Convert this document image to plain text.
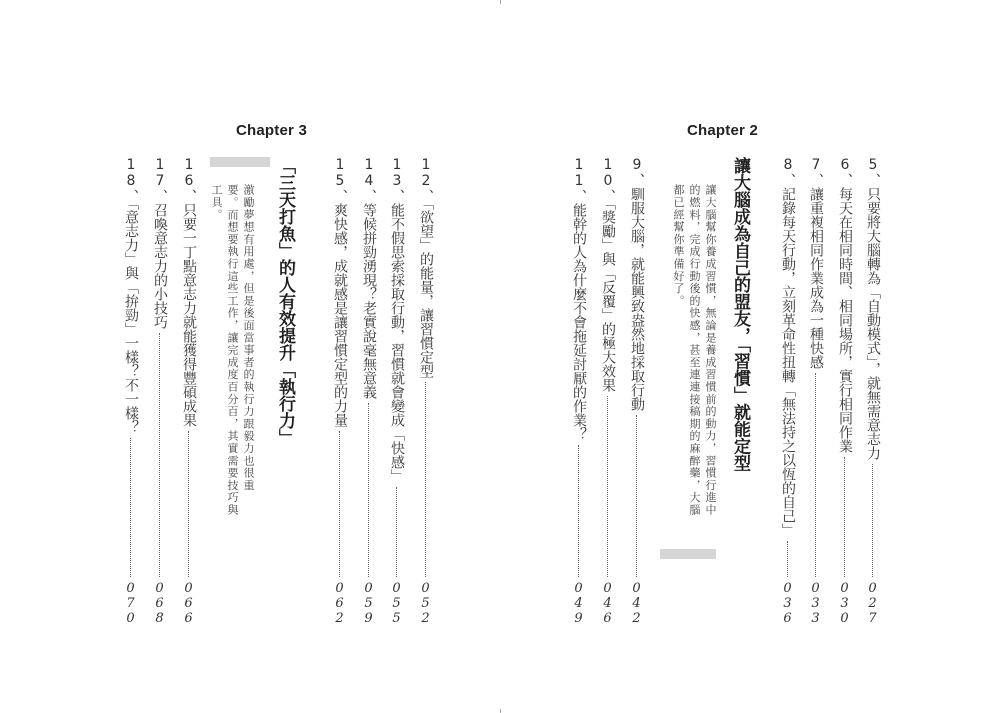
Chapter 3
「三天打魚」的人有效提升「執行力」
激勵夢想有用處，但是後面當事者的執行力跟毅力也很重
要。而想要執行這些工作，讓完成度百分百，其實需要技巧與
工具。
12、「欲望」的能量，讓習慣定型
052
13、能不假思索採取行動，習慣就會變成「快感」
055
14、等候拼勁湧現？老實說毫無意義
059
15、爽快感，成就感是讓習慣定型的力量
062
16、只要一丁點意志力就能獲得豐碩成果
066
17、召喚意志力的小技巧
068
18、「意志力」與「拚勁」一樣？不一樣？
070
Chapter 2
讓大腦成為自己的盟友，「習慣」就能定型
讓大腦幫你養成習慣，無論是養成習慣前的動力，習慣行進中
的燃料，完成行動後的快感，甚至連連接稿期的麻醉藥，大腦
都已經幫你準備好了。
5、只要將大腦轉為「自動模式」，就無需意志力
027
6、每天在相同時間、相同場所，實行相同作業
030
7、讓重複相同作業成為一種快感
033
8、記錄每天行動，立刻革命性扭轉「無法持之以恆的自己」
036
9、馴服大腦，就能興致盎然地採取行動
042
10、「獎勵」與「反覆」的極大效果
046
11、能幹的人為什麼不會拖延討厭的作業？
049
